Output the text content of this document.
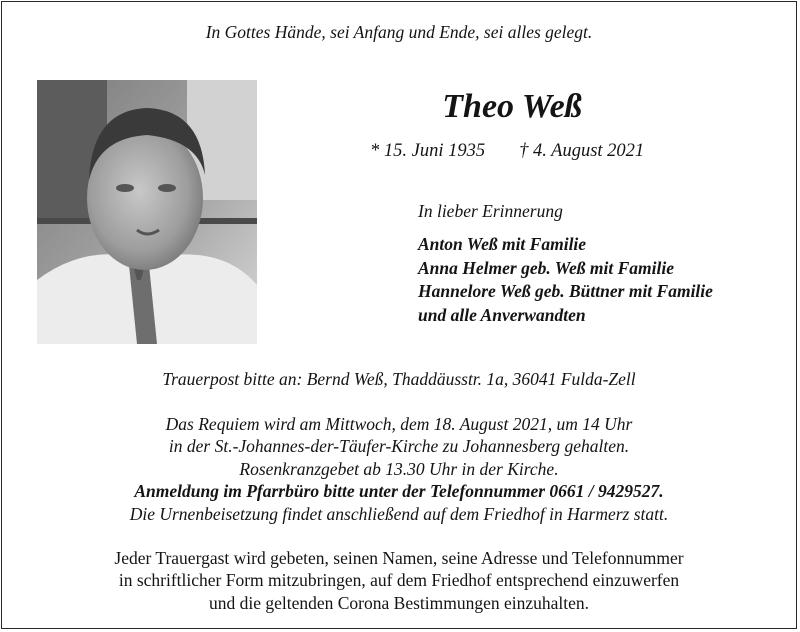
In Gottes Hände, sei Anfang und Ende, sei alles gelegt.
Theo Weß
* 15. Juni 1935 † 4. August 2021
In lieber Erinnerung
Anton Weß mit Familie
Anna Helmer geb. Weß mit Familie
Hannelore Weß geb. Büttner mit Familie
und alle Anverwandten
Trauerpost bitte an: Bernd Weß, Thaddäusstr. 1a, 36041 Fulda-Zell
Das Requiem wird am Mittwoch, dem 18. August 2021, um 14 Uhr
in der St.-Johannes-der-Täufer-Kirche zu Johannesberg gehalten.
Rosenkranzgebet ab 13.30 Uhr in der Kirche.
Anmeldung im Pfarrbüro bitte unter der Telefonnummer 0661 / 9429527.
Die Urnenbeisetzung findet anschließend auf dem Friedhof in Harmerz statt.
Jeder Trauergast wird gebeten, seinen Namen, seine Adresse und Telefonnummer
in schriftlicher Form mitzubringen, auf dem Friedhof entsprechend einzuwerfen
und die geltenden Corona Bestimmungen einzuhalten.
